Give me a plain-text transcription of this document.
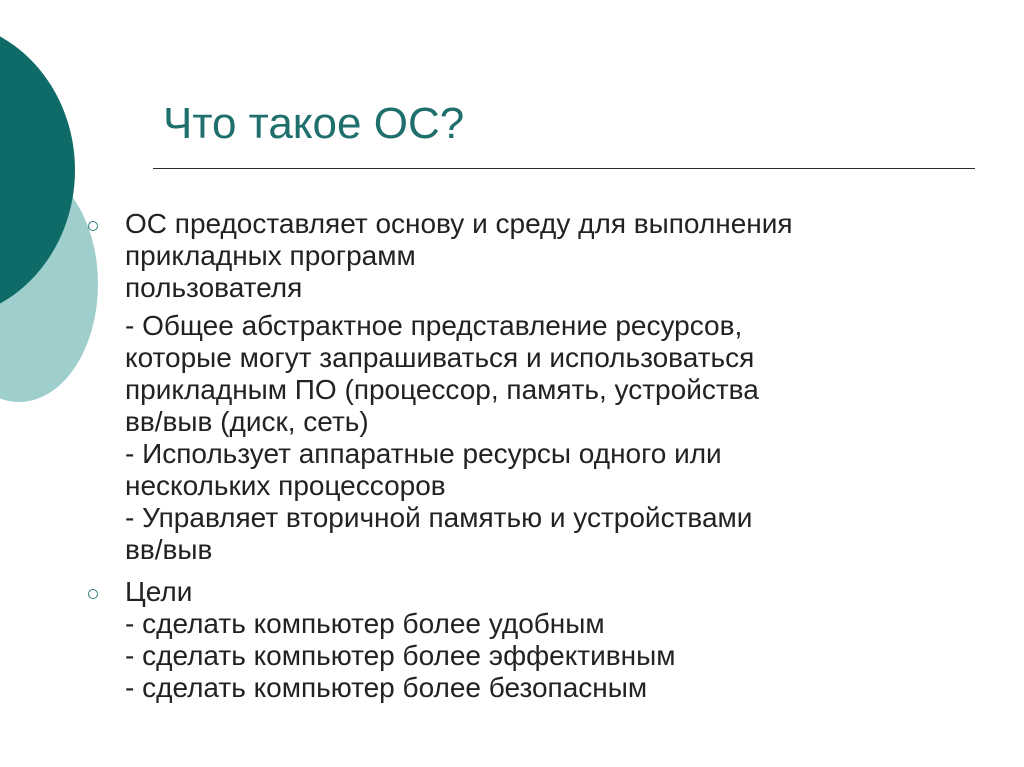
Что такое ОС?
ОС предоставляет основу и среду для выполнения
прикладных программ
пользователя
- Общее абстрактное представление ресурсов,
которые могут запрашиваться и использоваться
прикладным ПО (процессор, память, устройства
вв/выв (диск, сеть)
- Использует аппаратные ресурсы одного или
нескольких процессоров
- Управляет вторичной памятью и устройствами
вв/выв
Цели
- сделать компьютер более удобным
- сделать компьютер более эффективным
- сделать компьютер более безопасным
